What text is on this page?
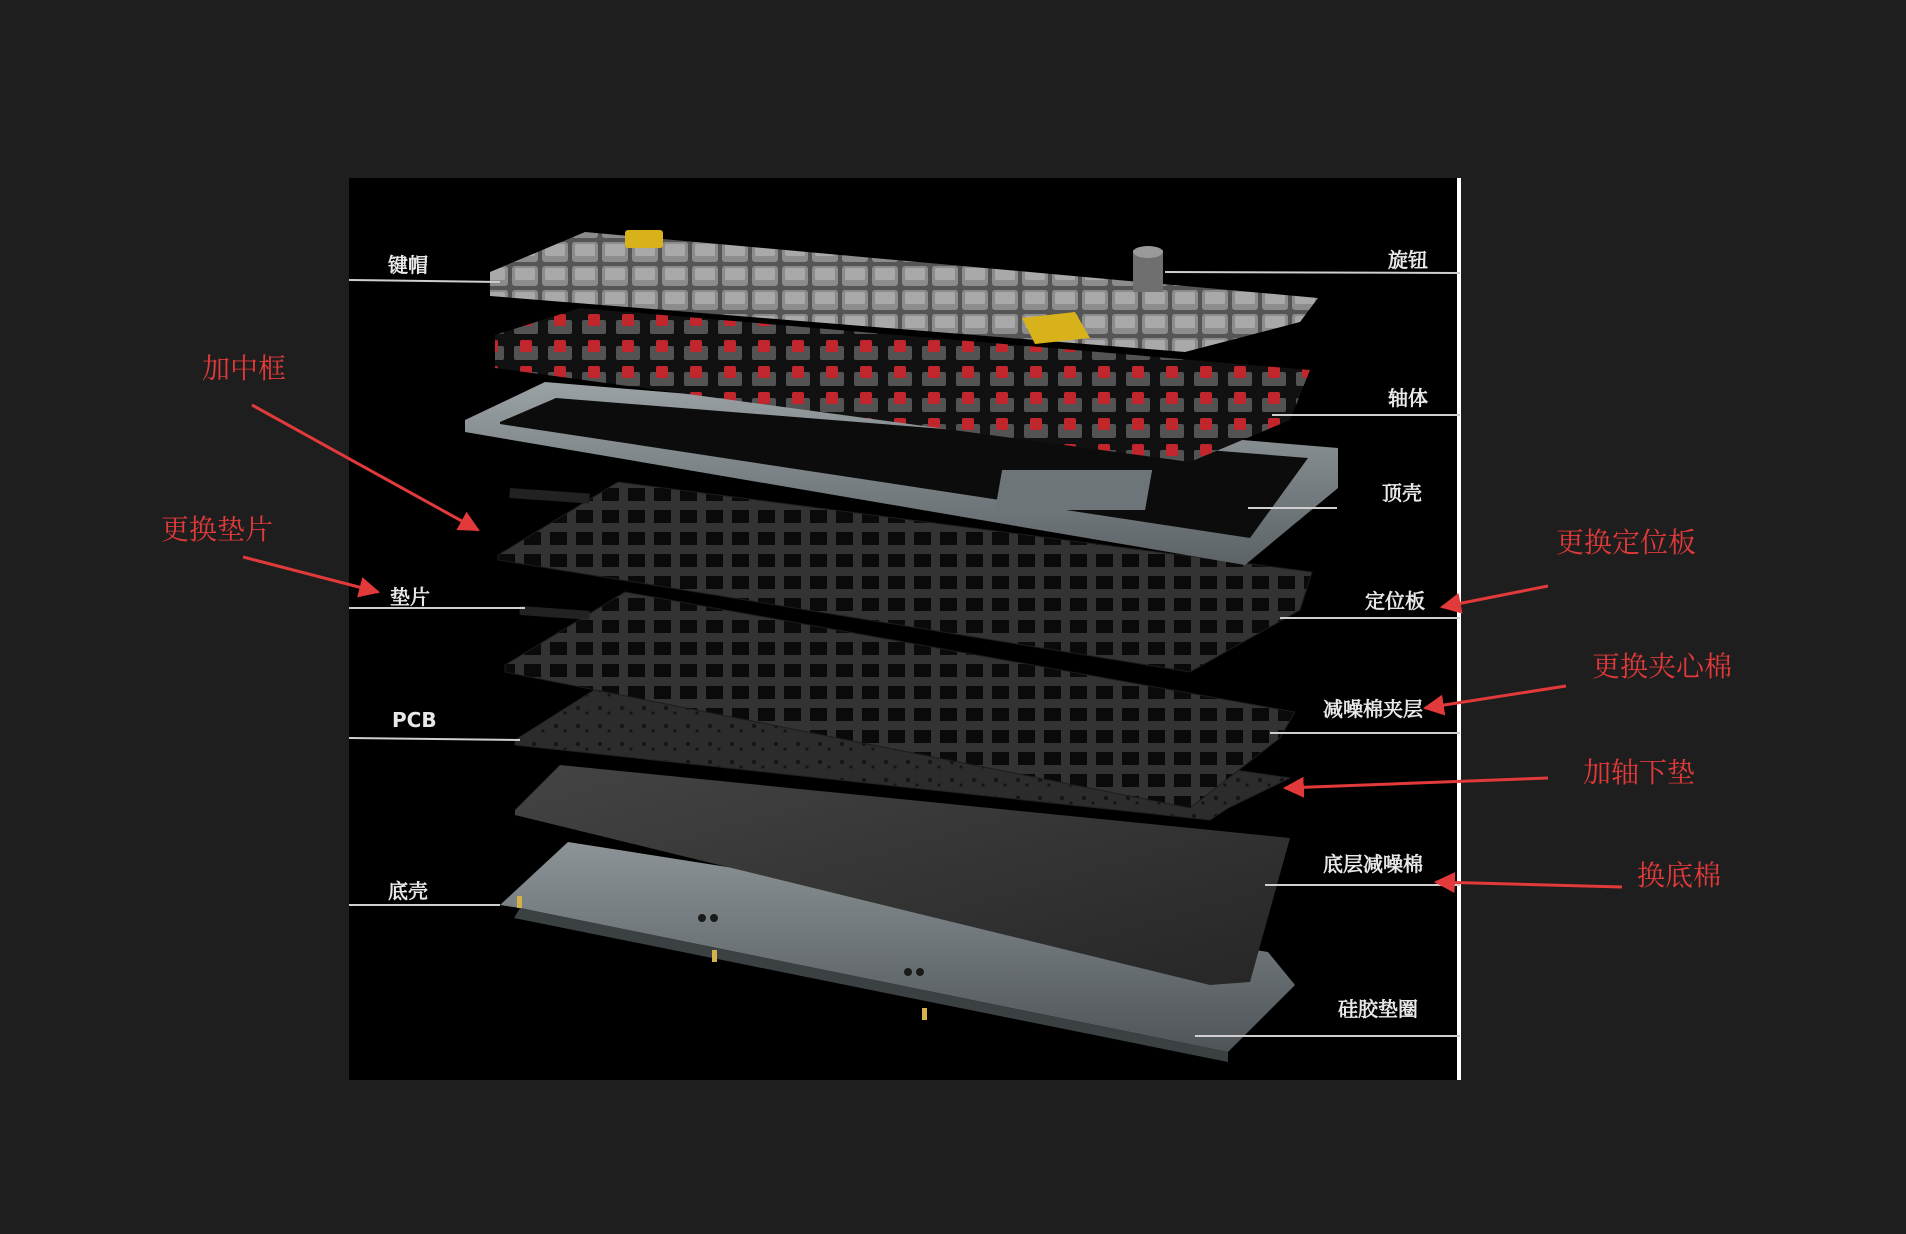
键帽	旋钮
轴体
顶壳
垫片	定位板
减噪棉夹层
PCB
底层减噪棉
底壳
硅胶垫圈
加中框
更换垫片	更换定位板
更换夹心棉
加轴下垫
换底棉
